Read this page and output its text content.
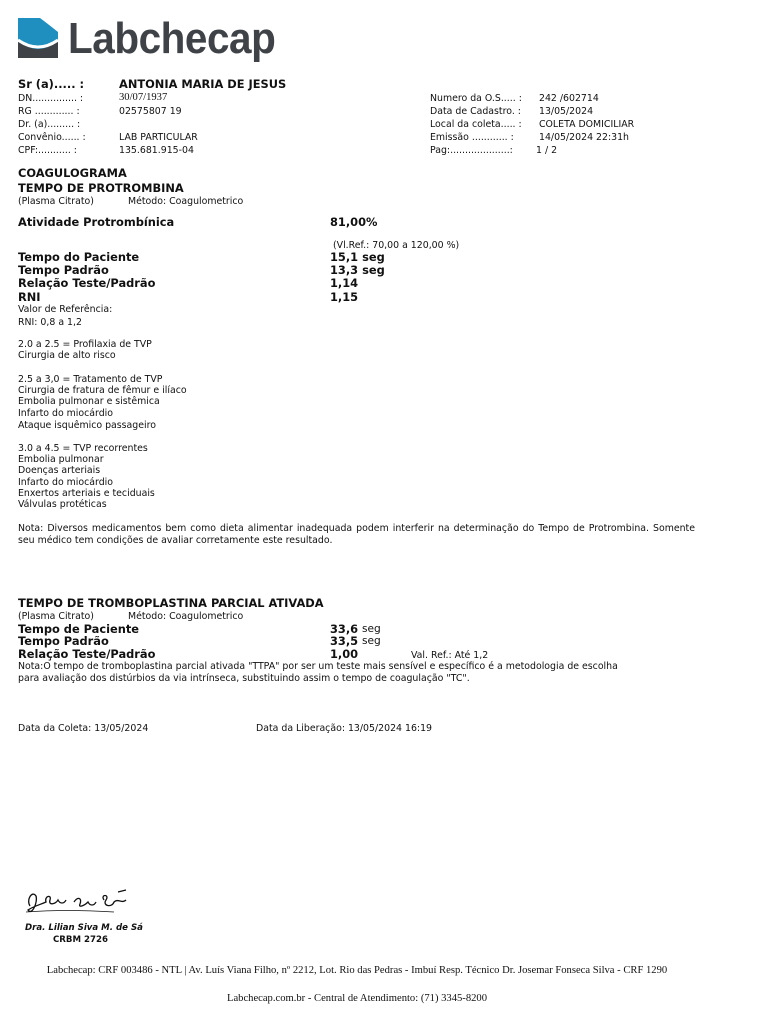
Labchecap
Sr (a)..... :	ANTONIA MARIA DE JESUS
DN............... :	30/07/1937
RG ............. :	02575807 19
Dr. (a)......... :
Convênio...... :	LAB PARTICULAR
CPF:........... :	135.681.915-04
Numero da O.S..... : 242 /602714
Data de Cadastro. : 13/05/2024
Local da coleta..... : COLETA DOMICILIAR
Emissão ............ :	14/05/2024 22:31h
Pag:....................: 1 / 2
COAGULOGRAMA
TEMPO DE PROTROMBINA
(Plasma Citrato)	Método: Coagulometrico
Atividade Protrombínica	81,00%
(Vl.Ref.: 70,00 a 120,00 %)
Tempo do Paciente	15,1 seg
Tempo Padrão	13,3 seg
Relação Teste/Padrão	1,14
RNI	1,15
Valor de Referência:
RNI: 0,8 a 1,2
2.0 a 2.5 = Profilaxia de TVP
Cirurgia de alto risco
2.5 a 3,0 = Tratamento de TVP
Cirurgia de fratura de fêmur e ilíaco
Embolia pulmonar e sistêmica
Infarto do miocárdio
Ataque isquêmico passageiro
3.0 a 4.5 = TVP recorrentes
Embolia pulmonar
Doenças arteriais
Infarto do miocárdio
Enxertos arteriais e teciduais
Válvulas protéticas
Nota: Diversos medicamentos bem como dieta alimentar inadequada podem interferir na determinação do Tempo de Protrombina. Somente seu médico tem condições de avaliar corretamente este resultado.
TEMPO DE TROMBOPLASTINA PARCIAL ATIVADA
(Plasma Citrato)	Método: Coagulometrico
Tempo de Paciente	33,6 seg
Tempo Padrão	33,5 seg
Relação Teste/Padrão	1,00	Val. Ref.: Até 1,2
Nota:O tempo de tromboplastina parcial ativada "TTPA" por ser um teste mais sensível e específico é a metodologia de escolha
para avaliação dos distúrbios da via intrínseca, substituindo assim o tempo de coagulação "TC".
Data da Coleta: 13/05/2024	Data da Liberação: 13/05/2024 16:19
Dra. Lilian Siva M. de Sá
CRBM 2726
Labchecap: CRF 003486 - NTL | Av. Luís Viana Filho, nº 2212, Lot. Rio das Pedras - Imbuí Resp. Técnico Dr. Josemar Fonseca Silva - CRF 1290
Labchecap.com.br - Central de Atendimento: (71) 3345-8200
